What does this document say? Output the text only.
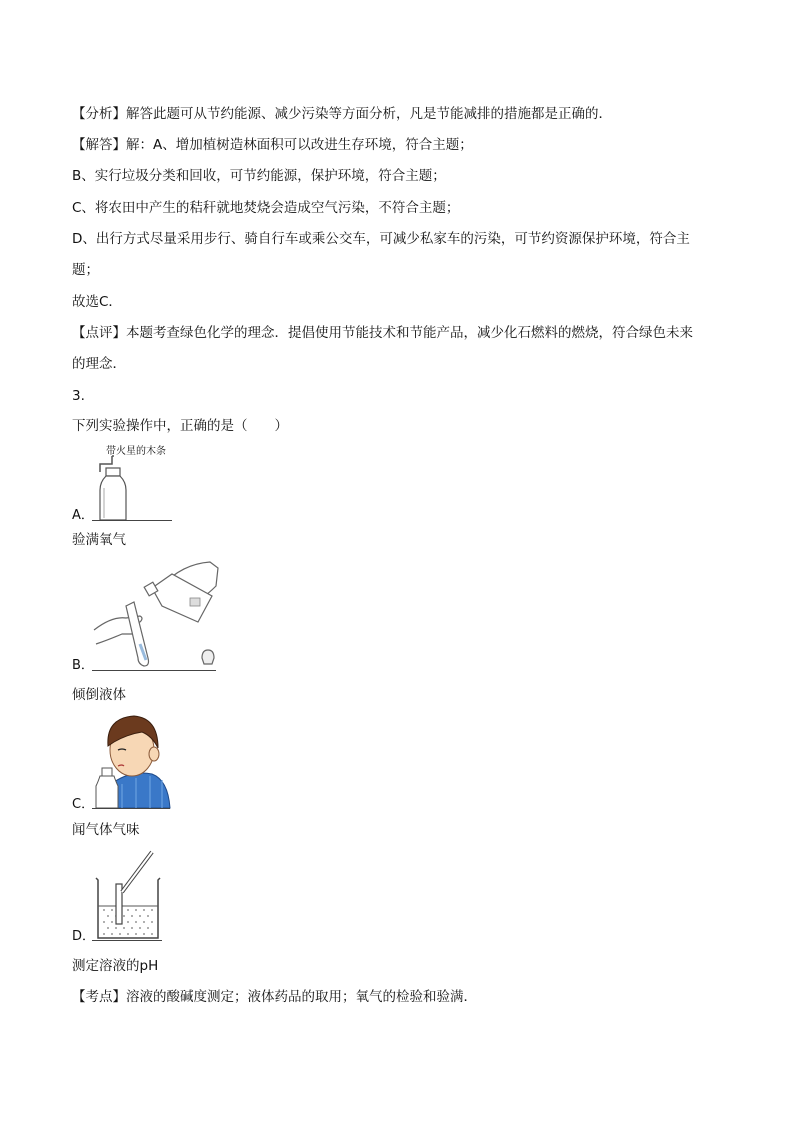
【分析】解答此题可从节约能源、减少污染等方面分析，凡是节能减排的措施都是正确的．
【解答】解：A、增加植树造林面积可以改进生存环境，符合主题；
B、实行垃圾分类和回收，可节约能源，保护环境，符合主题；
C、将农田中产生的秸秆就地焚烧会造成空气污染，不符合主题；
D、出行方式尽量采用步行、骑自行车或乘公交车，可减少私家车的污染，可节约资源保护环境，符合主
题；
故选C．
【点评】本题考查绿色化学的理念．提倡使用节能技术和节能产品，减少化石燃料的燃烧，符合绿色未来
的理念．
3.
下列实验操作中，正确的是（　　）
带火星的木条
A．
验满氧气
B．
倾倒液体
C．
闻气体气味
D．
测定溶液的pH
【考点】溶液的酸碱度测定；液体药品的取用；氧气的检验和验满．
